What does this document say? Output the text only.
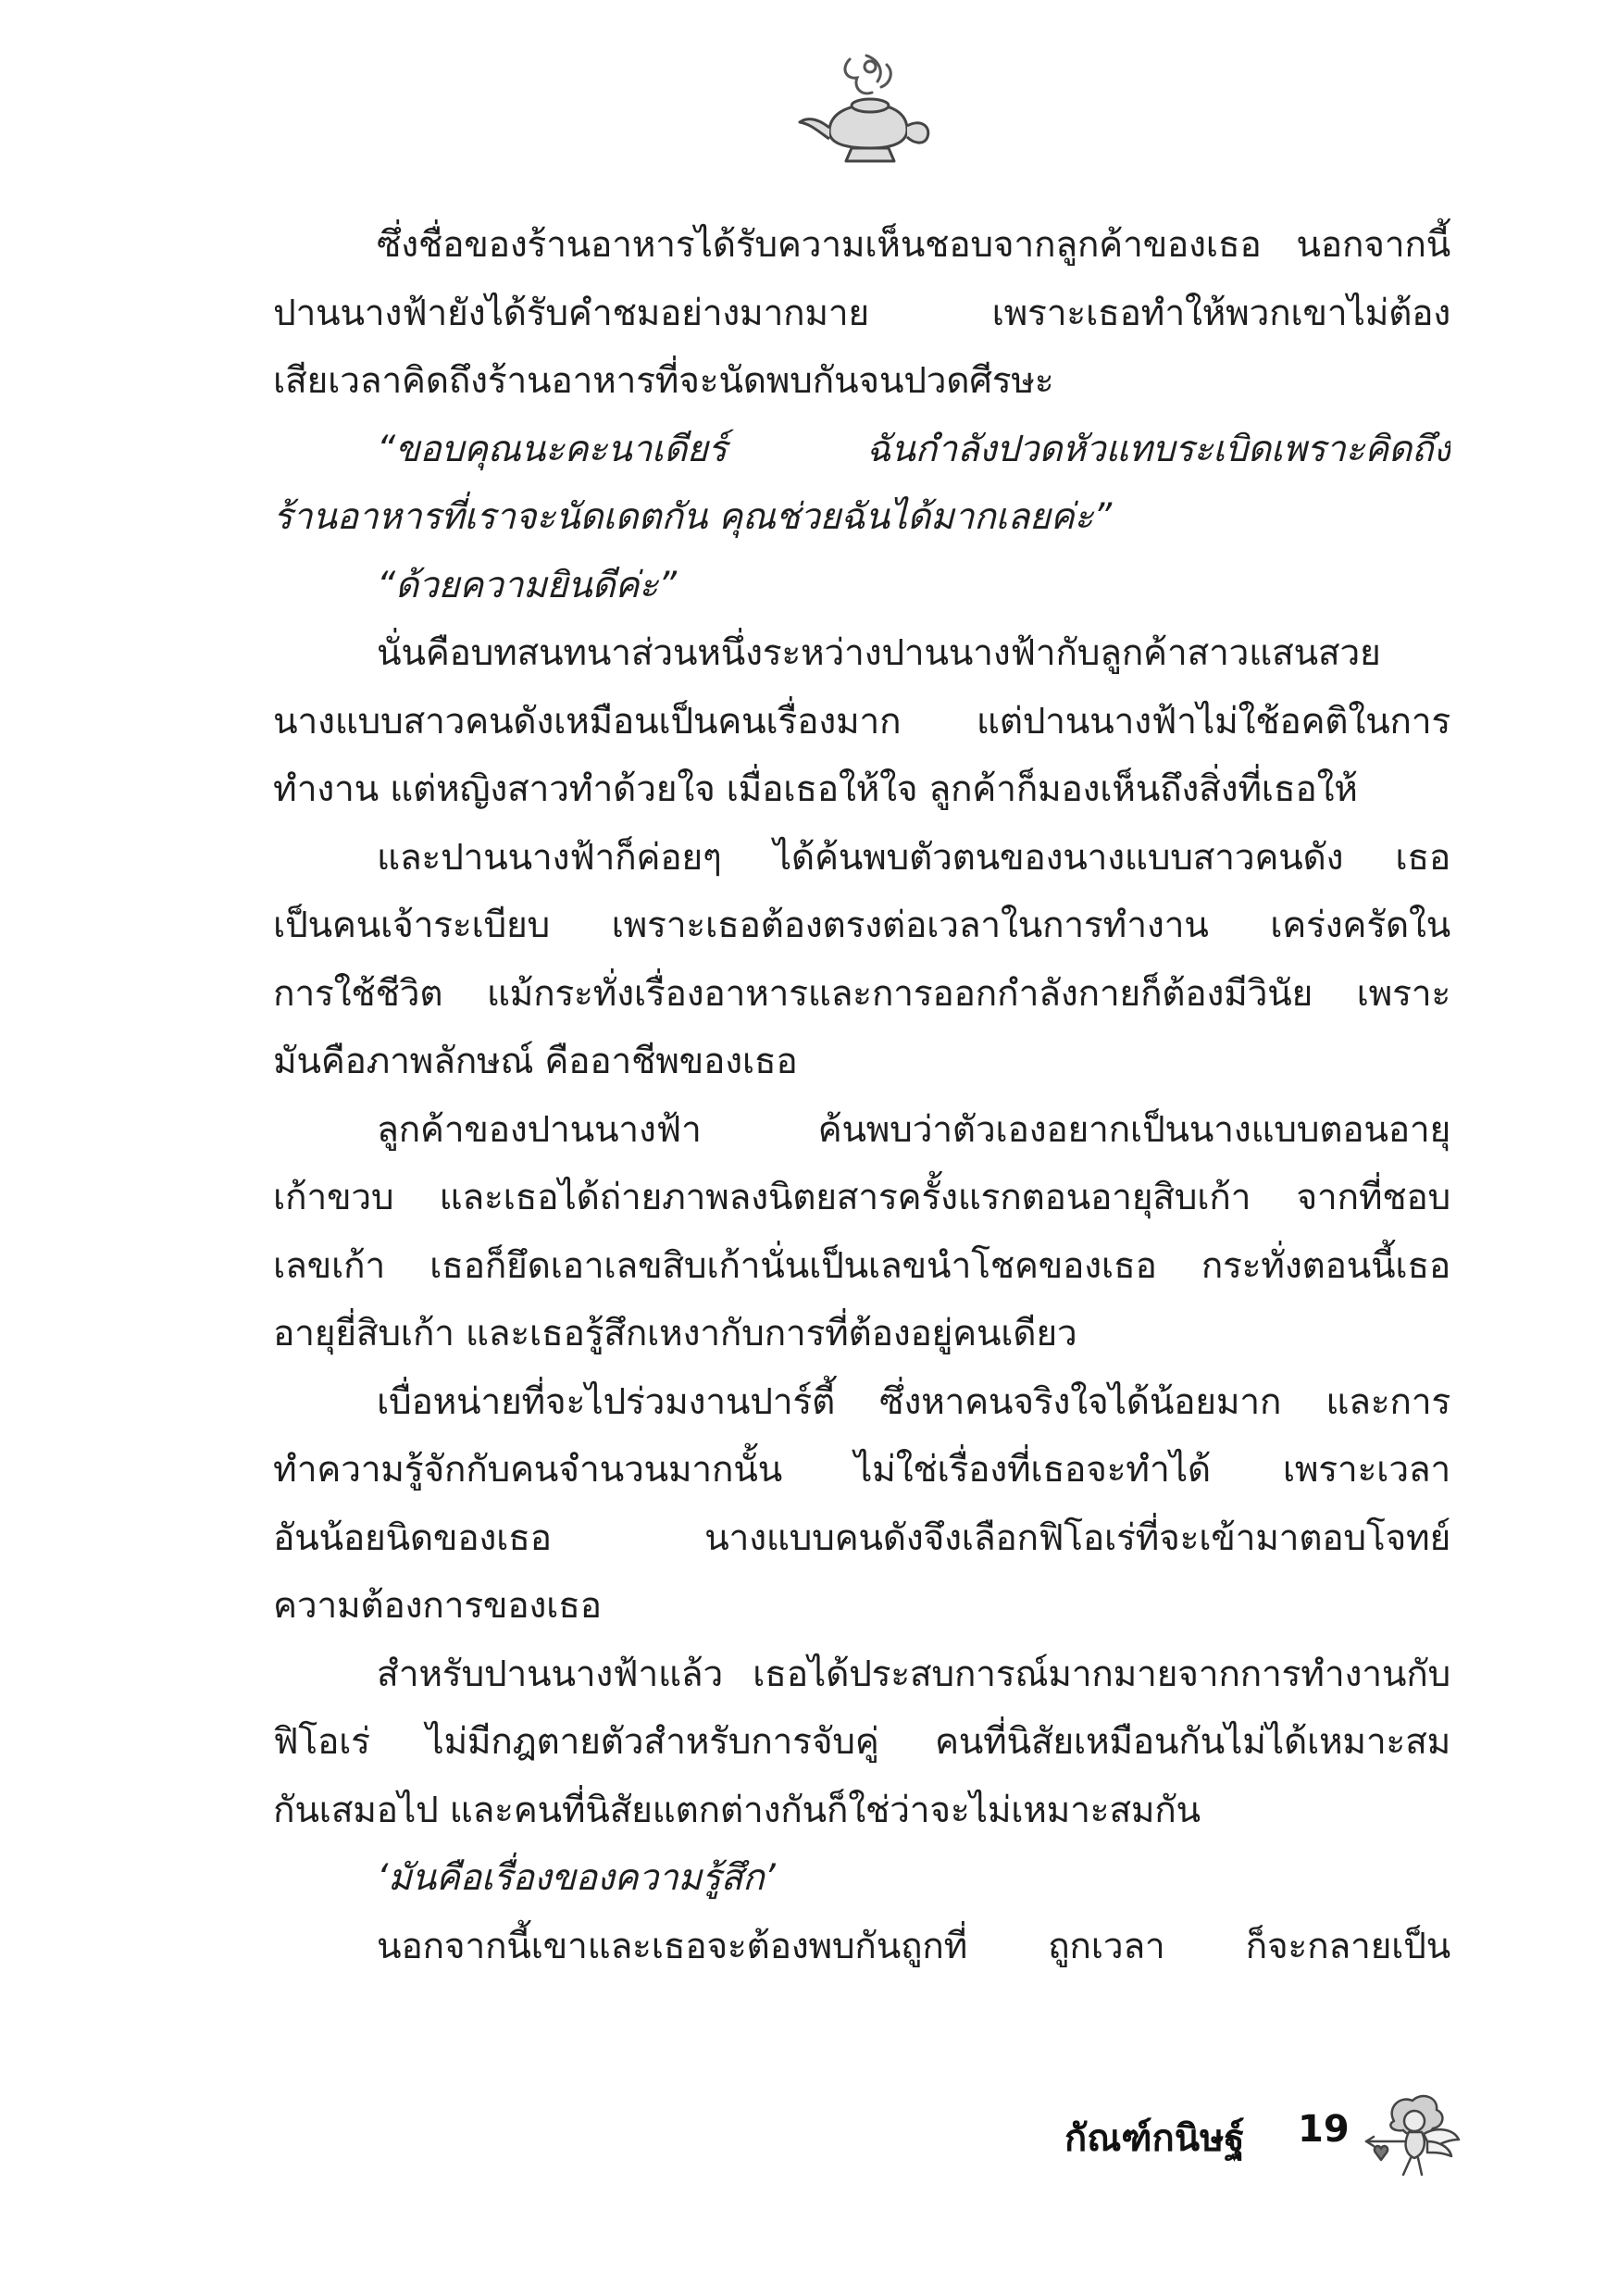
ซึ่งชื่อของร้านอาหารได้รับความเห็นชอบจากลูกค้าของเธอ นอกจากนี้
ปานนางฟ้ายังได้รับคำชมอย่างมากมาย เพราะเธอทำให้พวกเขาไม่ต้อง
เสียเวลาคิดถึงร้านอาหารที่จะนัดพบกันจนปวดศีรษะ
“ขอบคุณนะคะนาเดียร์ ฉันกำลังปวดหัวแทบระเบิดเพราะคิดถึง
ร้านอาหารที่เราจะนัดเดตกัน คุณช่วยฉันได้มากเลยค่ะ”
“ด้วยความยินดีค่ะ”
นั่นคือบทสนทนาส่วนหนึ่งระหว่างปานนางฟ้ากับลูกค้าสาวแสนสวย
นางแบบสาวคนดังเหมือนเป็นคนเรื่องมาก แต่ปานนางฟ้าไม่ใช้อคติในการ
ทำงาน แต่หญิงสาวทำด้วยใจ เมื่อเธอให้ใจ ลูกค้าก็มองเห็นถึงสิ่งที่เธอให้
และปานนางฟ้าก็ค่อยๆ ได้ค้นพบตัวตนของนางแบบสาวคนดัง เธอ
เป็นคนเจ้าระเบียบ เพราะเธอต้องตรงต่อเวลาในการทำงาน เคร่งครัดใน
การใช้ชีวิต แม้กระทั่งเรื่องอาหารและการออกกำลังกายก็ต้องมีวินัย เพราะ
มันคือภาพลักษณ์ คืออาชีพของเธอ
ลูกค้าของปานนางฟ้า ค้นพบว่าตัวเองอยากเป็นนางแบบตอนอายุ
เก้าขวบ และเธอได้ถ่ายภาพลงนิตยสารครั้งแรกตอนอายุสิบเก้า จากที่ชอบ
เลขเก้า เธอก็ยึดเอาเลขสิบเก้านั่นเป็นเลขนำโชคของเธอ กระทั่งตอนนี้เธอ
อายุยี่สิบเก้า และเธอรู้สึกเหงากับการที่ต้องอยู่คนเดียว
เบื่อหน่ายที่จะไปร่วมงานปาร์ตี้ ซึ่งหาคนจริงใจได้น้อยมาก และการ
ทำความรู้จักกับคนจำนวนมากนั้น ไม่ใช่เรื่องที่เธอจะทำได้ เพราะเวลา
อันน้อยนิดของเธอ นางแบบคนดังจึงเลือกฟิโอเร่ที่จะเข้ามาตอบโจทย์
ความต้องการของเธอ
สำหรับปานนางฟ้าแล้ว เธอได้ประสบการณ์มากมายจากการทำงานกับ
ฟิโอเร่ ไม่มีกฎตายตัวสำหรับการจับคู่ คนที่นิสัยเหมือนกันไม่ได้เหมาะสม
กันเสมอไป และคนที่นิสัยแตกต่างกันก็ใช่ว่าจะไม่เหมาะสมกัน
‘มันคือเรื่องของความรู้สึก’
นอกจากนี้เขาและเธอจะต้องพบกันถูกที่ ถูกเวลา ก็จะกลายเป็น
กัณฑ์กนิษฐ์ 19
